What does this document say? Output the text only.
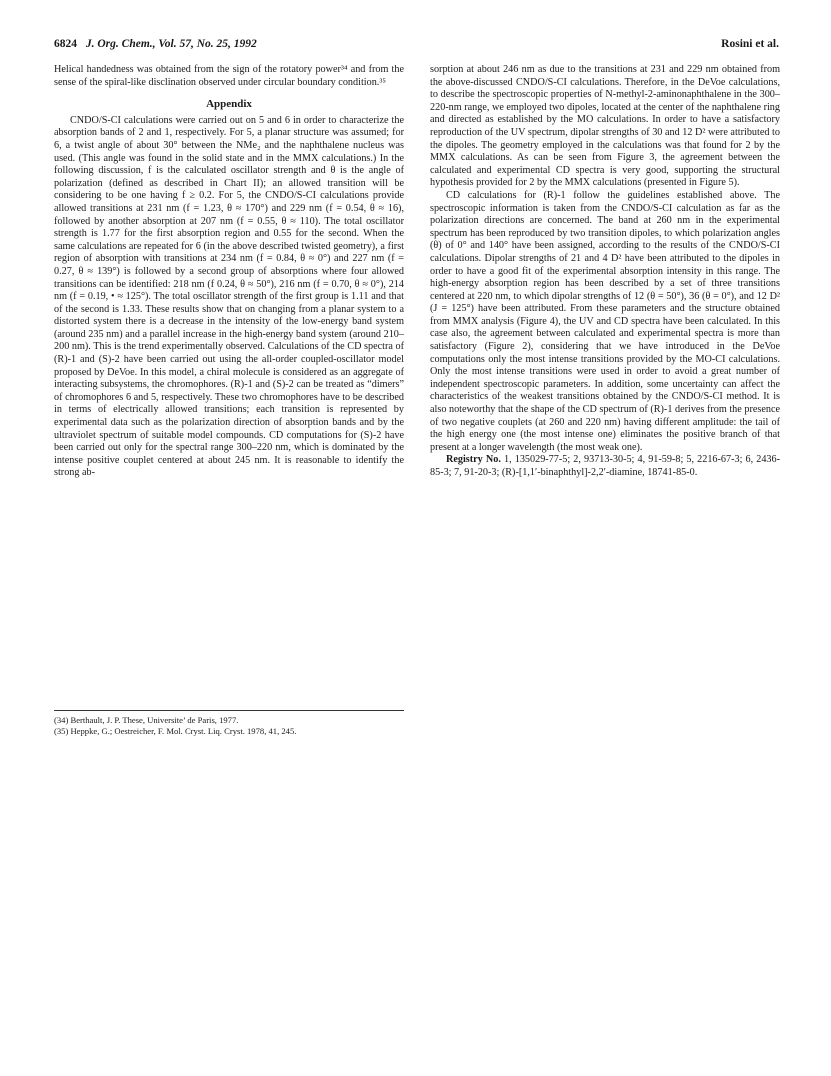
6824 J. Org. Chem., Vol. 57, No. 25, 1992	Rosini et al.

Helical handedness was obtained from the sign of the rotatory power³⁴ and from the sense of the spiral-like disclination observed under circular boundary condition.³⁵

Appendix

CNDO/S-CI calculations were carried out on 5 and 6 in order to characterize the absorption bands of 2 and 1, respectively. For 5, a planar structure was assumed; for 6, a twist angle of about 30° between the NMe₂ and the naphthalene nucleus was used. (This angle was found in the solid state and in the MMX calculations.) In the following discussion, f is the calculated oscillator strength and θ is the angle of polarization (defined as described in Chart II); an allowed transition will be considering to be one having f ≥ 0.2. For 5, the CNDO/S-CI calculations provide allowed transitions at 231 nm (f = 1.23, θ ≈ 170°) and 229 nm (f = 0.54, θ ≈ 16), followed by another absorption at 207 nm (f = 0.55, θ ≈ 110). The total oscillator strength is 1.77 for the first absorption region and 0.55 for the second. When the same calculations are repeated for 6 (in the above described twisted geometry), a first region of absorption with transitions at 234 nm (f = 0.84, θ ≈ 0°) and 227 nm (f = 0.27, θ ≈ 139°) is followed by a second group of absorptions where four allowed transitions can be identified: 218 nm (f 0.24, θ ≈ 50°), 216 nm (f = 0.70, θ ≈ 0°), 214 nm (f = 0.19, • ≈ 125°). The total oscillator strength of the first group is 1.11 and that of the second is 1.33. These results show that on changing from a planar system to a distorted system there is a decrease in the intensity of the low-energy band system (around 235 nm) and a parallel increase in the high-energy band system (around 210–200 nm). This is the trend experimentally observed. Calculations of the CD spectra of (R)-1 and (S)-2 have been carried out using the all-order coupled-oscillator model proposed by DeVoe. In this model, a chiral molecule is considered as an aggregate of interacting subsystems, the chromophores. (R)-1 and (S)-2 can be treated as “dimers” of chromophores 6 and 5, respectively. These two chromophores have to be described in terms of electrically allowed transitions; each transition is represented by experimental data such as the polarization direction of absorption bands and by the ultraviolet spectrum of suitable model compounds. CD computations for (S)-2 have been carried out only for the spectral range 300–220 nm, which is dominated by the intense positive couplet centered at about 245 nm. It is reasonable to identify the strong ab-

sorption at about 246 nm as due to the transitions at 231 and 229 nm obtained from the above-discussed CNDO/S-CI calculations. Therefore, in the DeVoe calculations, to describe the spectroscopic properties of N-methyl-2-aminonaphthalene in the 300–220-nm range, we employed two dipoles, located at the center of the naphthalene ring and directed as established by the MO calculations. In order to have a satisfactory reproduction of the UV spectrum, dipolar strengths of 30 and 12 D² were attributed to the dipoles. The geometry employed in the calculations was that found for 2 by the MMX calculations. As can be seen from Figure 3, the agreement between the calculated and experimental CD spectra is very good, supporting the structural hypothesis provided for 2 by the MMX calculations (presented in Figure 5).

CD calculations for (R)-1 follow the guidelines established above. The spectroscopic information is taken from the CNDO/S-CI calculation as far as the polarization directions are concerned. The band at 260 nm in the experimental spectrum has been reproduced by two transition dipoles, to which polarization angles (θ) of 0° and 140° have been assigned, according to the results of the CNDO/S-CI calculations. Dipolar strengths of 21 and 4 D² have been attributed to the dipoles in order to have a good fit of the experimental absorption intensity in this range. The high-energy absorption region has been described by a set of three transitions centered at 220 nm, to which dipolar strengths of 12 (θ = 50°), 36 (θ = 0°), and 12 D² (J = 125°) have been attributed. From these parameters and the structure obtained from MMX analysis (Figure 4), the UV and CD spectra have been calculated. In this case also, the agreement between calculated and experimental spectra is more than satisfactory (Figure 2), considering that we have introduced in the DeVoe computations only the most intense transitions provided by the MO-CI calculations. Only the most intense transitions were used in order to avoid a great number of independent spectroscopic parameters. In addition, some uncertainty can affect the characteristics of the weakest transitions obtained by the CNDO/S-CI method. It is also noteworthy that the shape of the CD spectrum of (R)-1 derives from the presence of two negative couplets (at 260 and 220 nm) having different amplitude: the tail of the high energy one (the most intense one) eliminates the positive branch of that present at a longer wavelength (the most weak one).

Registry No. 1, 135029-77-5; 2, 93713-30-5; 4, 91-59-8; 5, 2216-67-3; 6, 2436-85-3; 7, 91-20-3; (R)-[1,1′-binaphthyl]-2,2′-diamine, 18741-85-0.

(34) Berthault, J. P. These, Universite’ de Paris, 1977.
(35) Heppke, G.; Oestreicher, F. Mol. Cryst. Liq. Cryst. 1978, 41, 245.
